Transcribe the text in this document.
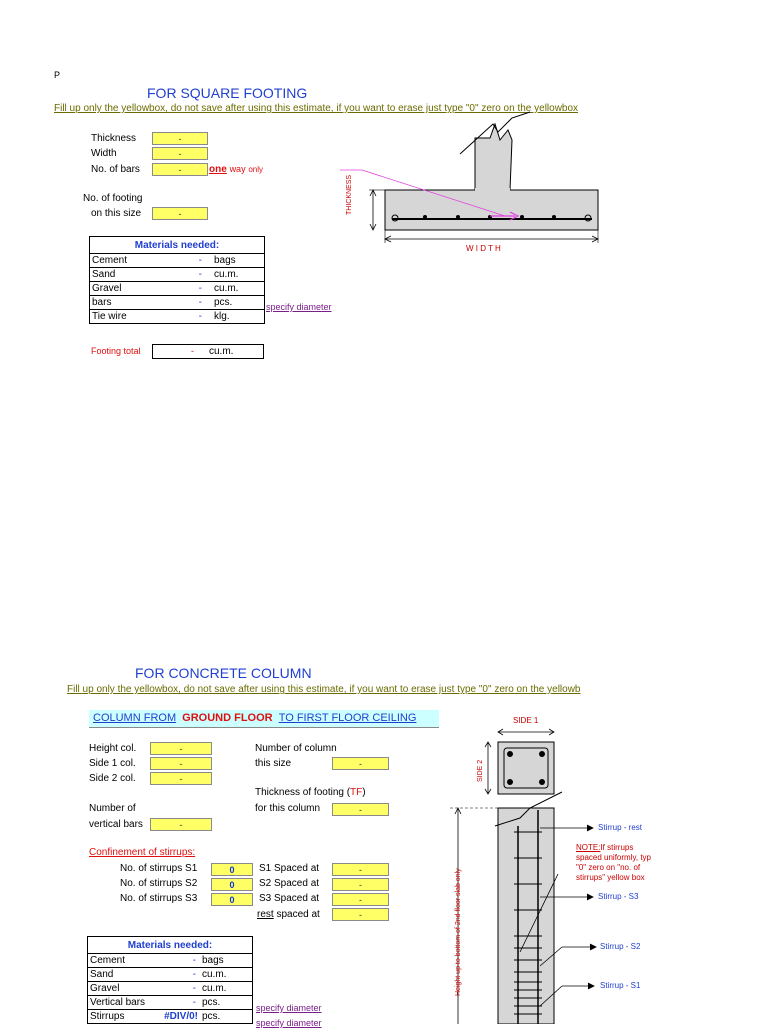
P
FOR SQUARE FOOTING
Fill up only the yellowbox, do not save after using this estimate, if you want to erase just type "0" zero on the yellowbox
Thickness	-
Width	-
No. of bars	-	one way only
No. of footing
on this size	-
Materials needed:		
Cement	-	bags
Sand	-	cu.m.
Gravel	-	cu.m.
bars	-	pcs.
Tie wire	-	klg.
specify diameter
Footing total	- cu.m.
THICKNESS
W I D T H
FOR CONCRETE COLUMN
Fill up only the yellowbox, do not save after using this estimate, if you want to erase just type "0" zero on the yellowb
COLUMN FROM GROUND FLOOR TO FIRST FLOOR CEILING
Height col.	-
Side 1 col.	-
Side 2 col.	-
Number of column
this size	-
Thickness of footing (TF)
for this column	-
Number of
vertical bars	-
Confinement of stirrups:
No. of stirrups S1	0	S1 Spaced at	-
No. of stirrups S2	0	S2 Spaced at	-
No. of stirrups S3	0	S3 Spaced at	-
rest spaced at	-
Materials needed:		
Cement	-	bags
Sand	-	cu.m.
Gravel	-	cu.m.
Vertical bars	-	pcs.
Stirrups	#DIV/0!	pcs.
specify diameter
specify diameter
SIDE 1
SIDE 2
Height up to bottom of 2nd floor slab only
Stirrup - rest
NOTE:If stirrups
spaced uniformly, typ
"0" zero on "no. of
stirrups" yellow box
Stirrup - S3
Stirrup - S2
Stirrup - S1
